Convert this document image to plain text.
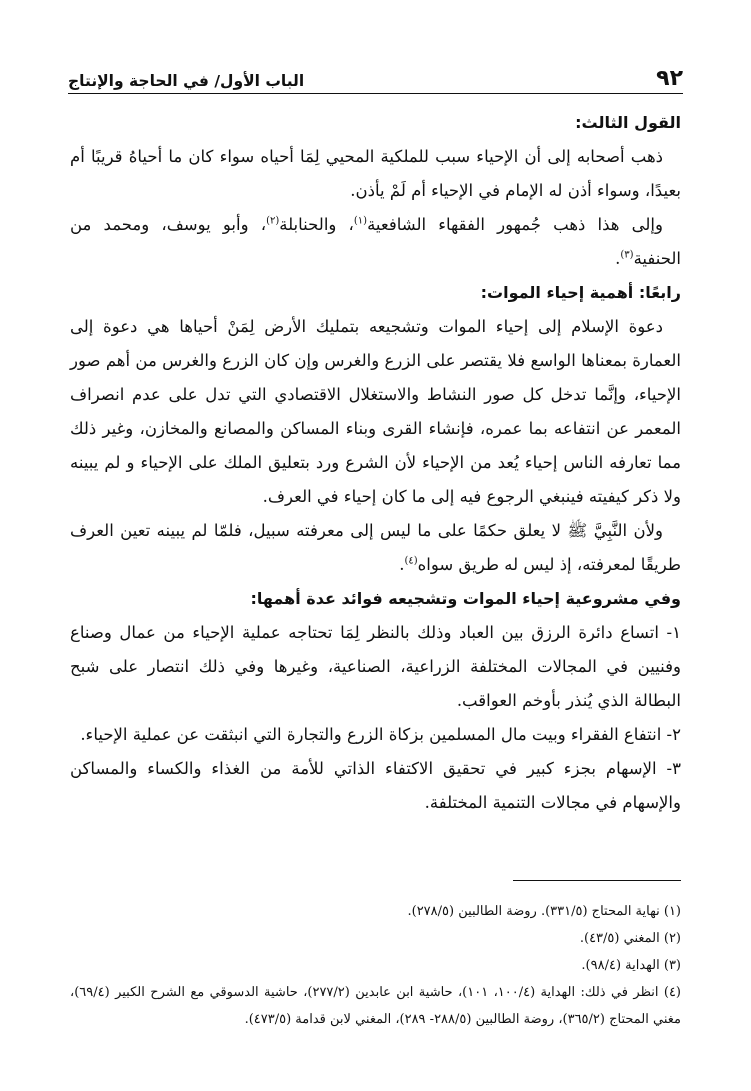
٩٢
الباب الأول/ في الحاجة والإنتاج
القول الثالث:
ذهب أصحابه إلى أن الإحياء سبب للملكية المحيي لِمَا أحياه سواء كان ما أحياهُ قريبًا أم بعيدًا، وسواء أذن له الإمام في الإحياء أم لَمْ يأذن.
وإلى هذا ذهب جُمهور الفقهاء الشافعية$^{(١)}$، والحنابلة$^{(٢)}$، وأبو يوسف، ومحمد من الحنفية$^{(٣)}$.
رابعًا: أهمية إحياء الموات:
دعوة الإسلام إلى إحياء الموات وتشجيعه بتمليك الأرض لِمَنْ أحياها هي دعوة إلى العمارة بمعناها الواسع فلا يقتصر على الزرع والغرس وإن كان الزرع والغرس من أهم صور الإحياء، وإنَّما تدخل كل صور النشاط والاستغلال الاقتصادي التي تدل على عدم انصراف المعمر عن انتفاعه بما عمره، فإنشاء القرى وبناء المساكن والمصانع والمخازن، وغير ذلك مما تعارفه الناس إحياء يُعد من الإحياء لأن الشرع ورد بتعليق الملك على الإحياء و لم يبينه ولا ذكر كيفيته فينبغي الرجوع فيه إلى ما كان إحياء في العرف.
ولأن النَّبِيَّ ﷺ لا يعلق حكمًا على ما ليس إلى معرفته سبيل، فلمّا لم يبينه تعين العرف طريقًا لمعرفته، إذ ليس له طريق سواه$^{(٤)}$.
وفي مشروعية إحياء الموات وتشجيعه فوائد عدة أهمها:
١- اتساع دائرة الرزق بين العباد وذلك بالنظر لِمَا تحتاجه عملية الإحياء من عمال وصناع وفنيين في المجالات المختلفة الزراعية، الصناعية، وغيرها وفي ذلك انتصار على شبح البطالة الذي يُنذر بأوخم العواقب.
٢- انتفاع الفقراء وبيت مال المسلمين بزكاة الزرع والتجارة التي انبثقت عن عملية الإحياء.
٣- الإسهام بجزء كبير في تحقيق الاكتفاء الذاتي للأمة من الغذاء والكساء والمساكن والإسهام في مجالات التنمية المختلفة.

(١) نهاية المحتاج (٣٣١/٥). روضة الطالبين (٢٧٨/٥).

(٢) المغني (٤٣/٥).

(٣) الهداية (٩٨/٤).

(٤) انظر في ذلك: الهداية (١٠٠/٤، ١٠١)، حاشية ابن عابدين (٢٧٧/٢)، حاشية الدسوقي مع الشرح الكبير (٦٩/٤)، مغني المحتاج (٣٦٥/٢)، روضة الطالبين (٢٨٨/٥- ٢٨٩)، المغني لابن قدامة (٤٧٣/٥).
